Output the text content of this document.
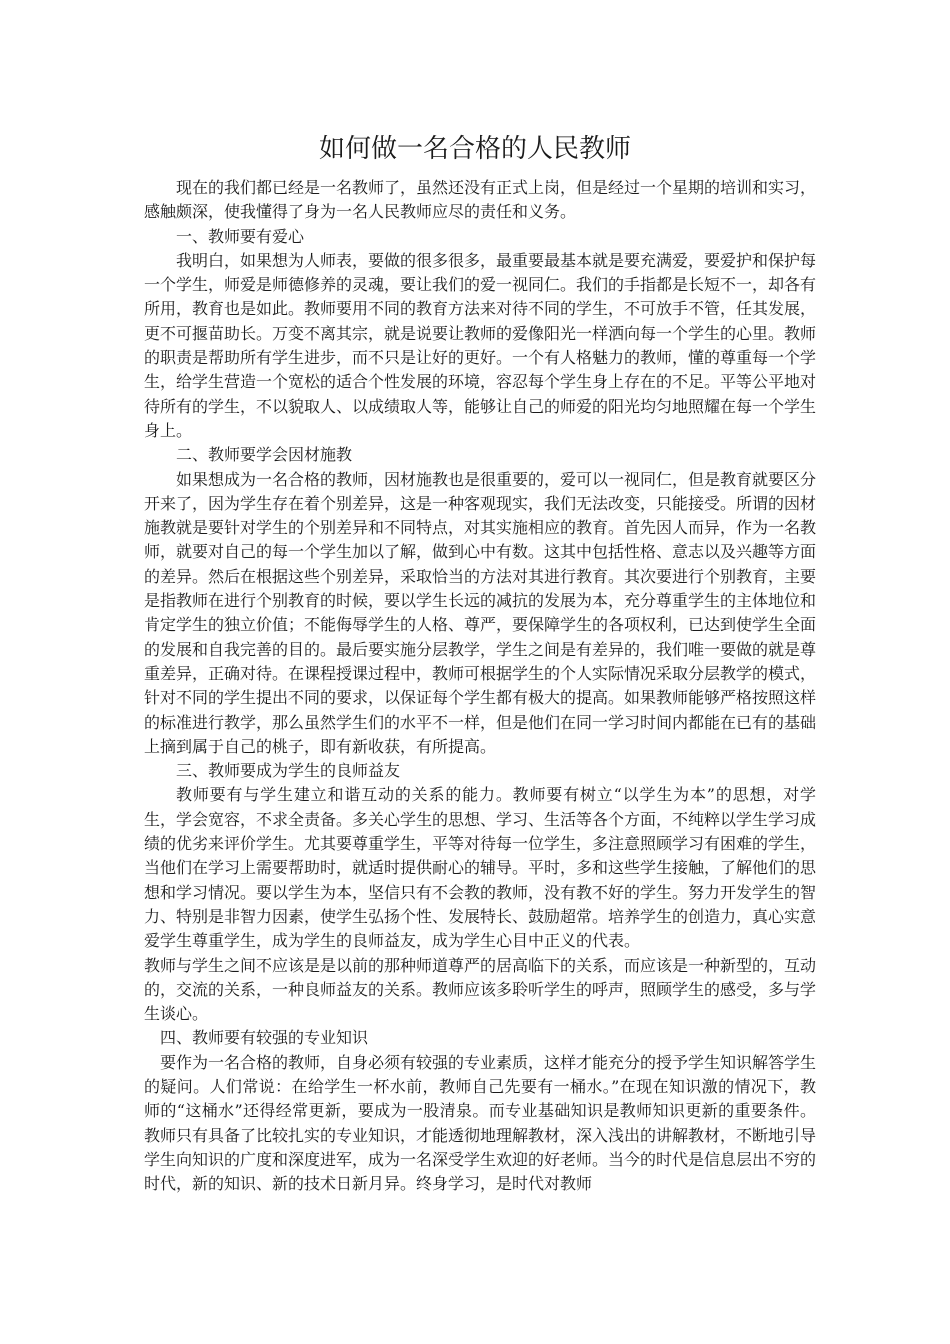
如何做一名合格的人民教师

现在的我们都已经是一名教师了，虽然还没有正式上岗，但是经过一个星期的培训和实习，感触颇深，使我懂得了身为一名人民教师应尽的责任和义务。

一、教师要有爱心

我明白，如果想为人师表，要做的很多很多，最重要最基本就是要充满爱，要爱护和保护每一个学生，师爱是师德修养的灵魂，要让我们的爱一视同仁。我们的手指都是长短不一，却各有所用，教育也是如此。教师要用不同的教育方法来对待不同的学生，不可放手不管，任其发展，更不可揠苗助长。万变不离其宗，就是说要让教师的爱像阳光一样洒向每一个学生的心里。教师的职责是帮助所有学生进步，而不只是让好的更好。一个有人格魅力的教师，懂的尊重每一个学生，给学生营造一个宽松的适合个性发展的环境，容忍每个学生身上存在的不足。平等公平地对待所有的学生，不以貌取人、以成绩取人等，能够让自己的师爱的阳光均匀地照耀在每一个学生身上。

二、教师要学会因材施教

如果想成为一名合格的教师，因材施教也是很重要的，爱可以一视同仁，但是教育就要区分开来了，因为学生存在着个别差异，这是一种客观现实，我们无法改变，只能接受。所谓的因材施教就是要针对学生的个别差异和不同特点，对其实施相应的教育。首先因人而异，作为一名教师，就要对自己的每一个学生加以了解，做到心中有数。这其中包括性格、意志以及兴趣等方面的差异。然后在根据这些个别差异，采取恰当的方法对其进行教育。其次要进行个别教育，主要是指教师在进行个别教育的时候，要以学生长远的减抗的发展为本，充分尊重学生的主体地位和肯定学生的独立价值；不能侮辱学生的人格、尊严，要保障学生的各项权利，已达到使学生全面的发展和自我完善的目的。最后要实施分层教学，学生之间是有差异的，我们唯一要做的就是尊重差异，正确对待。在课程授课过程中，教师可根据学生的个人实际情况采取分层教学的模式，针对不同的学生提出不同的要求，以保证每个学生都有极大的提高。如果教师能够严格按照这样的标准进行教学，那么虽然学生们的水平不一样，但是他们在同一学习时间内都能在已有的基础上摘到属于自己的桃子，即有新收获，有所提高。

三、教师要成为学生的良师益友

教师要有与学生建立和谐互动的关系的能力。教师要有树立“以学生为本”的思想，对学生，学会宽容，不求全责备。多关心学生的思想、学习、生活等各个方面，不纯粹以学生学习成绩的优劣来评价学生。尤其要尊重学生，平等对待每一位学生，多注意照顾学习有困难的学生，当他们在学习上需要帮助时，就适时提供耐心的辅导。平时，多和这些学生接触，了解他们的思想和学习情况。要以学生为本，坚信只有不会教的教师，没有教不好的学生。努力开发学生的智力、特别是非智力因素，使学生弘扬个性、发展特长、鼓励超常。培养学生的创造力，真心实意爱学生尊重学生，成为学生的良师益友，成为学生心目中正义的代表。

教师与学生之间不应该是是以前的那种师道尊严的居高临下的关系，而应该是一种新型的，互动的，交流的关系，一种良师益友的关系。教师应该多聆听学生的呼声，照顾学生的感受，多与学生谈心。

四、教师要有较强的专业知识

要作为一名合格的教师，自身必须有较强的专业素质，这样才能充分的授予学生知识解答学生的疑问。人们常说：在给学生一杯水前，教师自己先要有一桶水。”在现在知识激的情况下，教师的“这桶水”还得经常更新，要成为一股清泉。而专业基础知识是教师知识更新的重要条件。教师只有具备了比较扎实的专业知识，才能透彻地理解教材，深入浅出的讲解教材，不断地引导学生向知识的广度和深度进军，成为一名深受学生欢迎的好老师。当今的时代是信息层出不穷的时代，新的知识、新的技术日新月异。终身学习，是时代对教师
